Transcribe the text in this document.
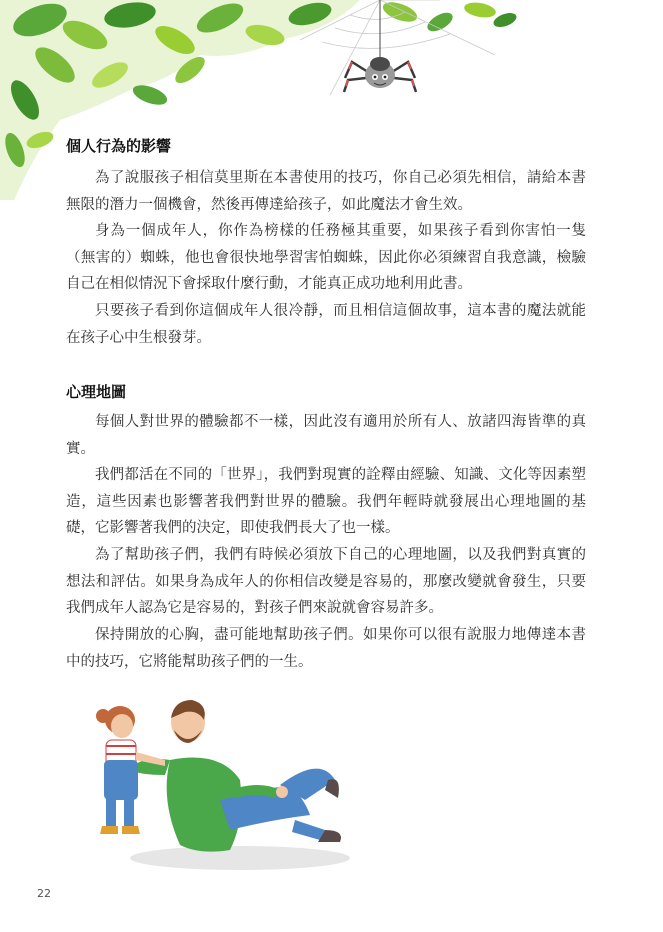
個人行為的影響

為了說服孩子相信莫里斯在本書使用的技巧，你自己必須先相信，請給本書無限的潛力一個機會，然後再傳達給孩子，如此魔法才會生效。

身為一個成年人，你作為榜樣的任務極其重要，如果孩子看到你害怕一隻（無害的）蜘蛛，他也會很快地學習害怕蜘蛛，因此你必須練習自我意識，檢驗自己在相似情況下會採取什麼行動，才能真正成功地利用此書。

只要孩子看到你這個成年人很冷靜，而且相信這個故事，這本書的魔法就能在孩子心中生根發芽。

心理地圖

每個人對世界的體驗都不一樣，因此沒有適用於所有人、放諸四海皆準的真實。

我們都活在不同的「世界」，我們對現實的詮釋由經驗、知識、文化等因素塑造，這些因素也影響著我們對世界的體驗。我們年輕時就發展出心理地圖的基礎，它影響著我們的決定，即使我們長大了也一樣。

為了幫助孩子們，我們有時候必須放下自己的心理地圖，以及我們對真實的想法和評估。如果身為成年人的你相信改變是容易的，那麼改變就會發生，只要我們成年人認為它是容易的，對孩子們來說就會容易許多。

保持開放的心胸，盡可能地幫助孩子們。如果你可以很有說服力地傳達本書中的技巧，它將能幫助孩子們的一生。

22
